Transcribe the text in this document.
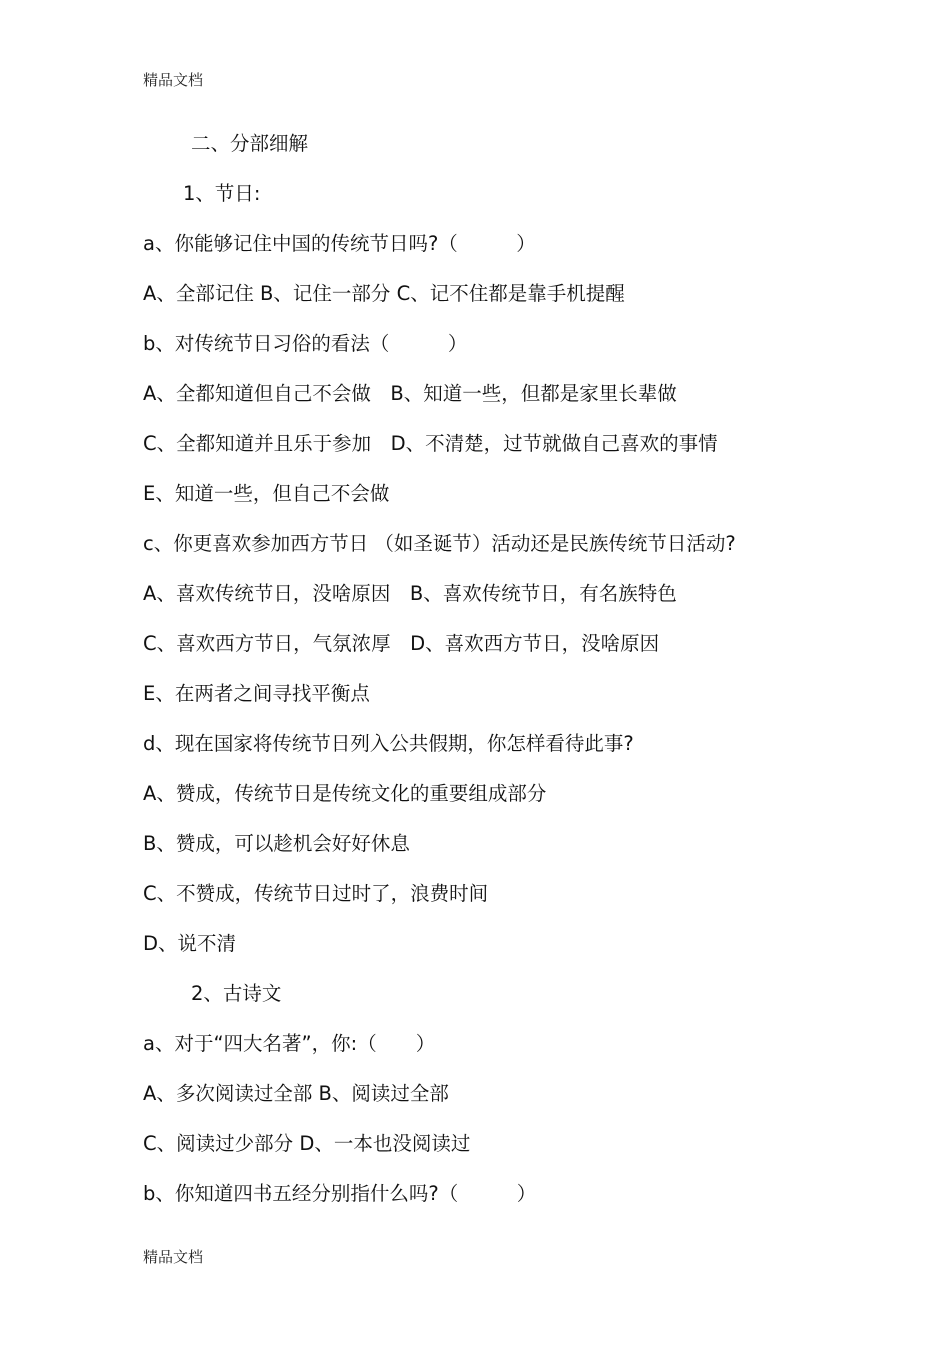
精品文档
二、分部细解
1、节日:
a、你能够记住中国的传统节日吗?（　　　）
A、全部记住 B、记住一部分 C、记不住都是靠手机提醒
b、对传统节日习俗的看法（　　　）
A、全都知道但自己不会做　B、知道一些，但都是家里长辈做
C、全都知道并且乐于参加　D、不清楚，过节就做自己喜欢的事情
E、知道一些，但自己不会做
c、你更喜欢参加西方节日 （如圣诞节）活动还是民族传统节日活动?
A、喜欢传统节日，没啥原因　B、喜欢传统节日，有名族特色
C、喜欢西方节日，气氛浓厚　D、喜欢西方节日，没啥原因
E、在两者之间寻找平衡点
d、现在国家将传统节日列入公共假期，你怎样看待此事?
A、赞成，传统节日是传统文化的重要组成部分
B、赞成，可以趁机会好好休息
C、不赞成，传统节日过时了，浪费时间
D、说不清
2、古诗文
a、对于“四大名著”，你:（　　）
A、多次阅读过全部 B、阅读过全部
C、阅读过少部分 D、一本也没阅读过
b、你知道四书五经分别指什么吗?（　　　）
精品文档
